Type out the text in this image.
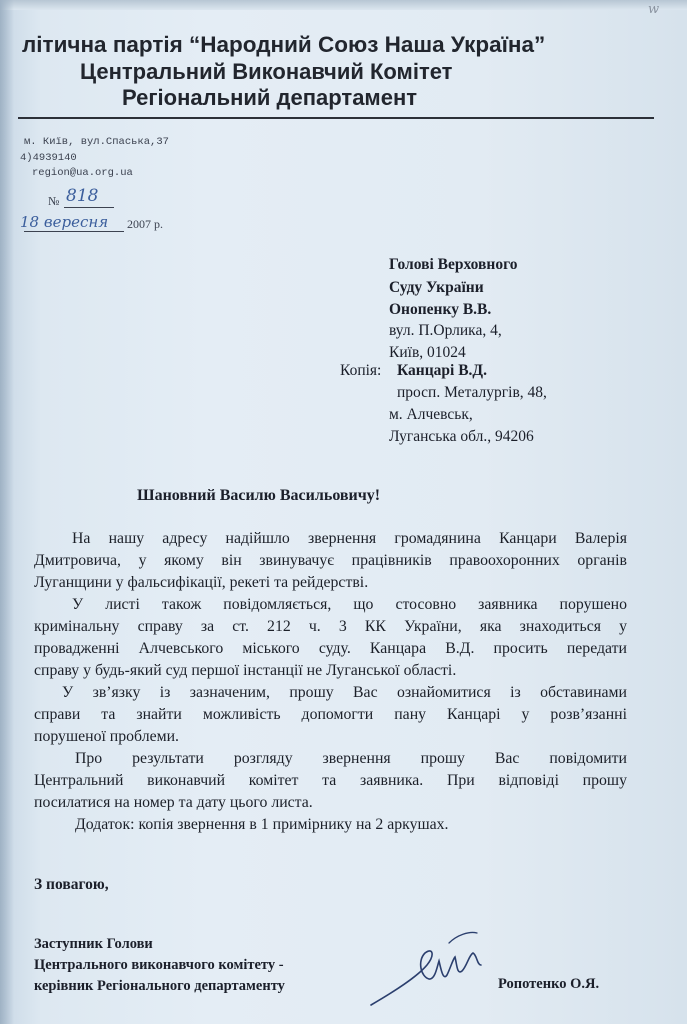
w
літична партія “Народний Союз Наша Україна”
Центральний Виконавчий Комітет
Регіональний департамент
м. Київ, вул.Спаська,37
4)4939140
region@ua.org.ua
№ 818
18 вересня 2007 р.
Голові Верховного
Суду України
Онопенку В.В.
вул. П.Орлика, 4,
Київ, 01024
Копія: Канцарі В.Д.
просп. Металургів, 48,
м. Алчевськ,
Луганська обл., 94206
Шановний Василю Васильовичу!
На нашу адресу надійшло звернення громадянина Канцари Валерія
Дмитровича, у якому він звинувачує працівників правоохоронних органів
Луганщини у фальсифікації, рекеті та рейдерстві.
У листі також повідомляється, що стосовно заявника порушено
кримінальну справу за ст. 212 ч. 3 КК України, яка знаходиться у
провадженні Алчевського міського суду. Канцара В.Д. просить передати
справу у будь-який суд першої інстанції не Луганської області.
У зв’язку із зазначеним, прошу Вас ознайомитися із обставинами
справи та знайти можливість допомогти пану Канцарі у розв’язанні
порушеної проблеми.
Про результати розгляду звернення прошу Вас повідомити
Центральний виконавчий комітет та заявника. При відповіді прошу
посилатися на номер та дату цього листа.
Додаток: копія звернення в 1 примірнику на 2 аркушах.
З повагою,
Заступник Голови
Центрального виконавчого комітету -
керівник Регіонального департаменту	Ропотенко О.Я.
